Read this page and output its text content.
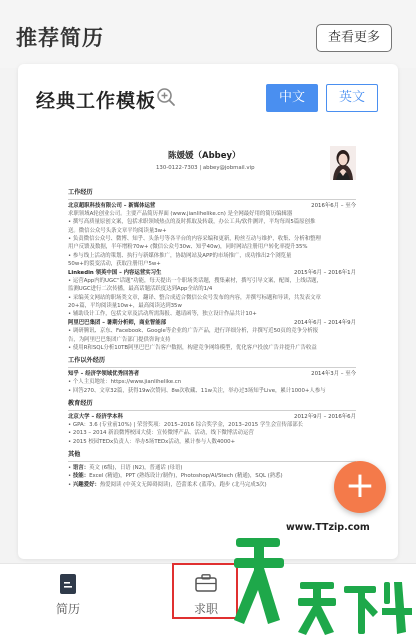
推荐简历	查看更多
经典工作模板	中文	英文
陈媛媛（Abbey）
130-0122-7303 | abbey@jobmail.vip
工作经历
北京超职科技有限公司 – 新媒体运营	2016年6月 – 至今
求职领域A轮创业公司。主要产品简历界面 (www.jianlihelike.cn) 是全网最好用的简历编辑器
• 撰写高质量原创文案，包括求职领域热点的及时抓取及转载，办公工具/软件测评，平均每周5篇原创推
送。微信公众号头条文章平均阅读量3w+
• 负责微信公众号、微博、知乎、头条号等各平台的内容采编和更新，粉丝互动与维护，收集、分析和整理
用户反馈及数据，半年增粉70w+ (微信公众号30w、知乎40w)，同时网站注册用户转化率提升35%
• 参与线上活动的策划、执行与新媒体推广，协助网站及APP的市场推广，成功推出2个浏览量
50w+的裂变活动，获取注册用户5w+
Linkedin 领英中国 – 内容运营实习生	2015年6月 – 2016年1月
• 运营App内的UGC“话题”功能，每天提出一个职场类话题，搜集素材，撰写引导文案，配图，上线话题，
监测UGC进行二次传播，最高话题活跃度达到App全站的1/4
• 采编英文网站的职场类文章，翻译、整合成适合微信公众号发布的内容，并撰写标题和导读，共发表文章
20+篇，平均阅读量10w+，最高阅读达到35w
• 辅助设计工作，包括文章及活动所需海报、邀请函等，独立设计作品共计10+
阿里巴巴集团 – 暑期分析师，商业智能部	2014年6月 – 2014年9月
• 调研腾讯、京东、Facebook、Google等企业的广告产品，进行详细分析，并撰写近50页的竞争分析报
告，为阿里巴巴集团广告部门提供咨询支持
• 使用R和SQL分析10TB阿里巴巴广告客户数据，构建竞争网络模型，优化客户投放广告并提升广告收益
工作以外经历
知乎 – 经济学领域优秀回答者	2014年3月 – 至今
• 个人主页地址：https://www.jianlihelike.cn
• 回答270、文章32篇，获得19w次赞同、8w次收藏、11w关注，举办过3场知乎Live，累计1000+人参与
教育经历
北京大学 – 经济学本科	2012年9月 – 2016年6月
• GPA：3.6 (专业前10%) | 荣誉奖项：2015–2016 综合奖学金，2013–2015 学生会宣传部部长
• 2013 – 2014 新浪微博校园大使：宣传微博产品、活动，线下微博活动运营
• 2015 校园TEDx负责人：举办5场TEDx活动，累计参与人数4000+
其他
• 语言：英文 (6级)，日语 (N2)，普通话 (母语)
• 技能：Excel (精通)，PPT (熟练设计/制作)，Photoshop/AI/Stech (精通)，SQL (熟悉)
• 兴趣爱好：热爱阅读 (中英文无障碍阅读)，芭蕾柔术 (蓝带)，跑步 (北马完成3次)	+
简历	求职
www.TTzip.com
